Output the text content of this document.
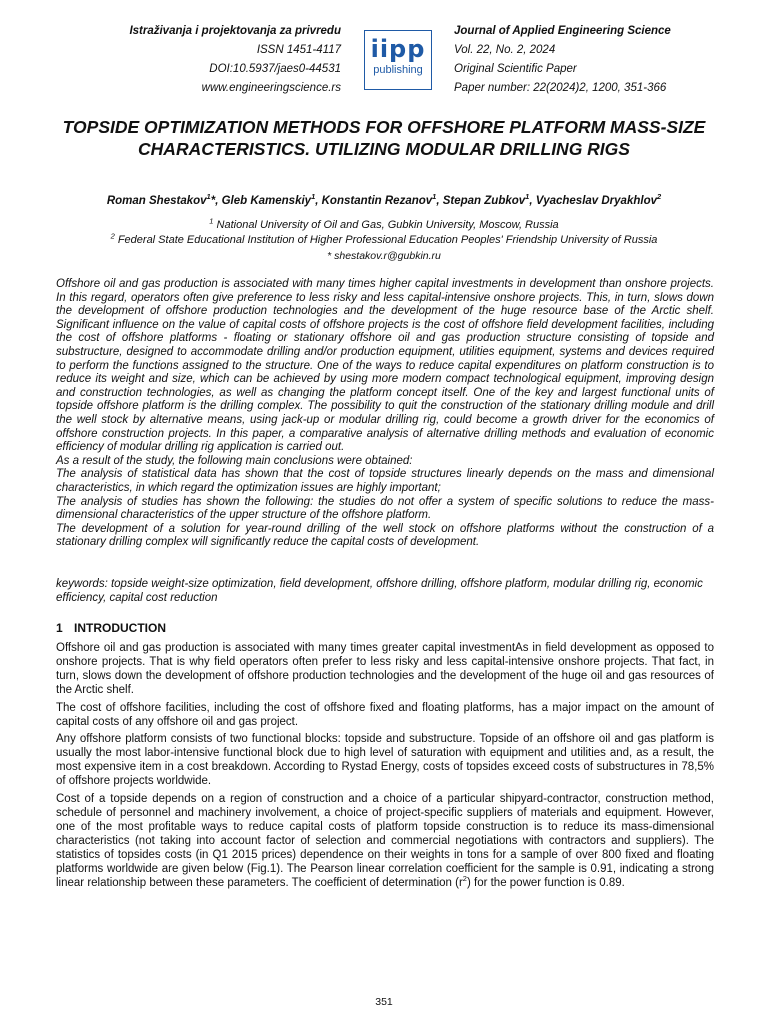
Istraživanja i projektovanja za privredu
ISSN 1451-4117
DOI:10.5937/jaes0-44531
www.engineeringscience.rs
iipp
publishing
Journal of Applied Engineering Science
Vol. 22, No. 2, 2024
Original Scientific Paper
Paper number: 22(2024)2, 1200, 351-366
TOPSIDE OPTIMIZATION METHODS FOR OFFSHORE PLATFORM MASS-SIZE CHARACTERISTICS. UTILIZING MODULAR DRILLING RIGS
Roman Shestakov$^1$*, Gleb Kamenskiy$^1$, Konstantin Rezanov$^1$, Stepan Zubkov$^1$, Vyacheslav Dryakhlov$^2$
$^1$ National University of Oil and Gas, Gubkin University, Moscow, Russia
$^2$ Federal State Educational Institution of Higher Professional Education Peoples' Friendship University of Russia
* shestakov.r@gubkin.ru

Offshore oil and gas production is associated with many times higher capital investments in development than onshore projects. In this regard, operators often give preference to less risky and less capital-intensive onshore projects. This, in turn, slows down the development of offshore production technologies and the development of the huge resource base of the Arctic shelf. Significant influence on the value of capital costs of offshore projects is the cost of offshore field development facilities, including the cost of offshore platforms - floating or stationary offshore oil and gas production structure consisting of topside and substructure, designed to accommodate drilling and/or production equipment, utilities equipment, systems and devices required to perform the functions assigned to the structure. One of the ways to reduce capital expenditures on platform construction is to reduce its weight and size, which can be achieved by using more modern compact technological equipment, improving design and construction technologies, as well as changing the platform concept itself. One of the key and largest functional units of topside offshore platform is the drilling complex. The possibility to quit the construction of the stationary drilling module and drill the well stock by alternative means, using jack-up or modular drilling rig, could become a growth driver for the economics of offshore construction projects. In this paper, a comparative analysis of alternative drilling methods and evaluation of economic efficiency of modular drilling rig application is carried out.

As a result of the study, the following main conclusions were obtained:

The analysis of statistical data has shown that the cost of topside structures linearly depends on the mass and dimensional characteristics, in which regard the optimization issues are highly important;

The analysis of studies has shown the following: the studies do not offer a system of specific solutions to reduce the mass-dimensional characteristics of the upper structure of the offshore platform.

The development of a solution for year-round drilling of the well stock on offshore platforms without the construction of a stationary drilling complex will significantly reduce the capital costs of development.

keywords: topside weight-size optimization, field development, offshore drilling, offshore platform, modular drilling rig, economic efficiency, capital cost reduction
1 INTRODUCTION

Offshore oil and gas production is associated with many times greater capital investmentAs in field development as opposed to onshore projects. That is why field operators often prefer to less risky and less capital-intensive onshore projects. That fact, in turn, slows down the development of offshore production technologies and the development of the huge oil and gas resources of the Arctic shelf.

The cost of offshore facilities, including the cost of offshore fixed and floating platforms, has a major impact on the amount of capital costs of any offshore oil and gas project.

Any offshore platform consists of two functional blocks: topside and substructure. Topside of an offshore oil and gas platform is usually the most labor-intensive functional block due to high level of saturation with equipment and utilities and, as a result, the most expensive item in a cost breakdown. According to Rystad Energy, costs of topsides exceed costs of substructures in 78,5% of offshore projects worldwide.

Cost of a topside depends on a region of construction and a choice of a particular shipyard-contractor, construction method, schedule of personnel and machinery involvement, a choice of project-specific suppliers of materials and equipment. However, one of the most profitable ways to reduce capital costs of platform topside construction is to reduce its mass-dimensional characteristics (not taking into account factor of selection and commercial negotiations with contractors and suppliers). The statistics of topsides costs (in Q1 2015 prices) dependence on their weights in tons for a sample of over 800 fixed and floating platforms worldwide are given below (Fig.1). The Pearson linear correlation coefficient for the sample is 0.91, indicating a strong linear relationship between these parameters. The coefficient of determination $(r^2)$ for the power function is 0.89.

351
